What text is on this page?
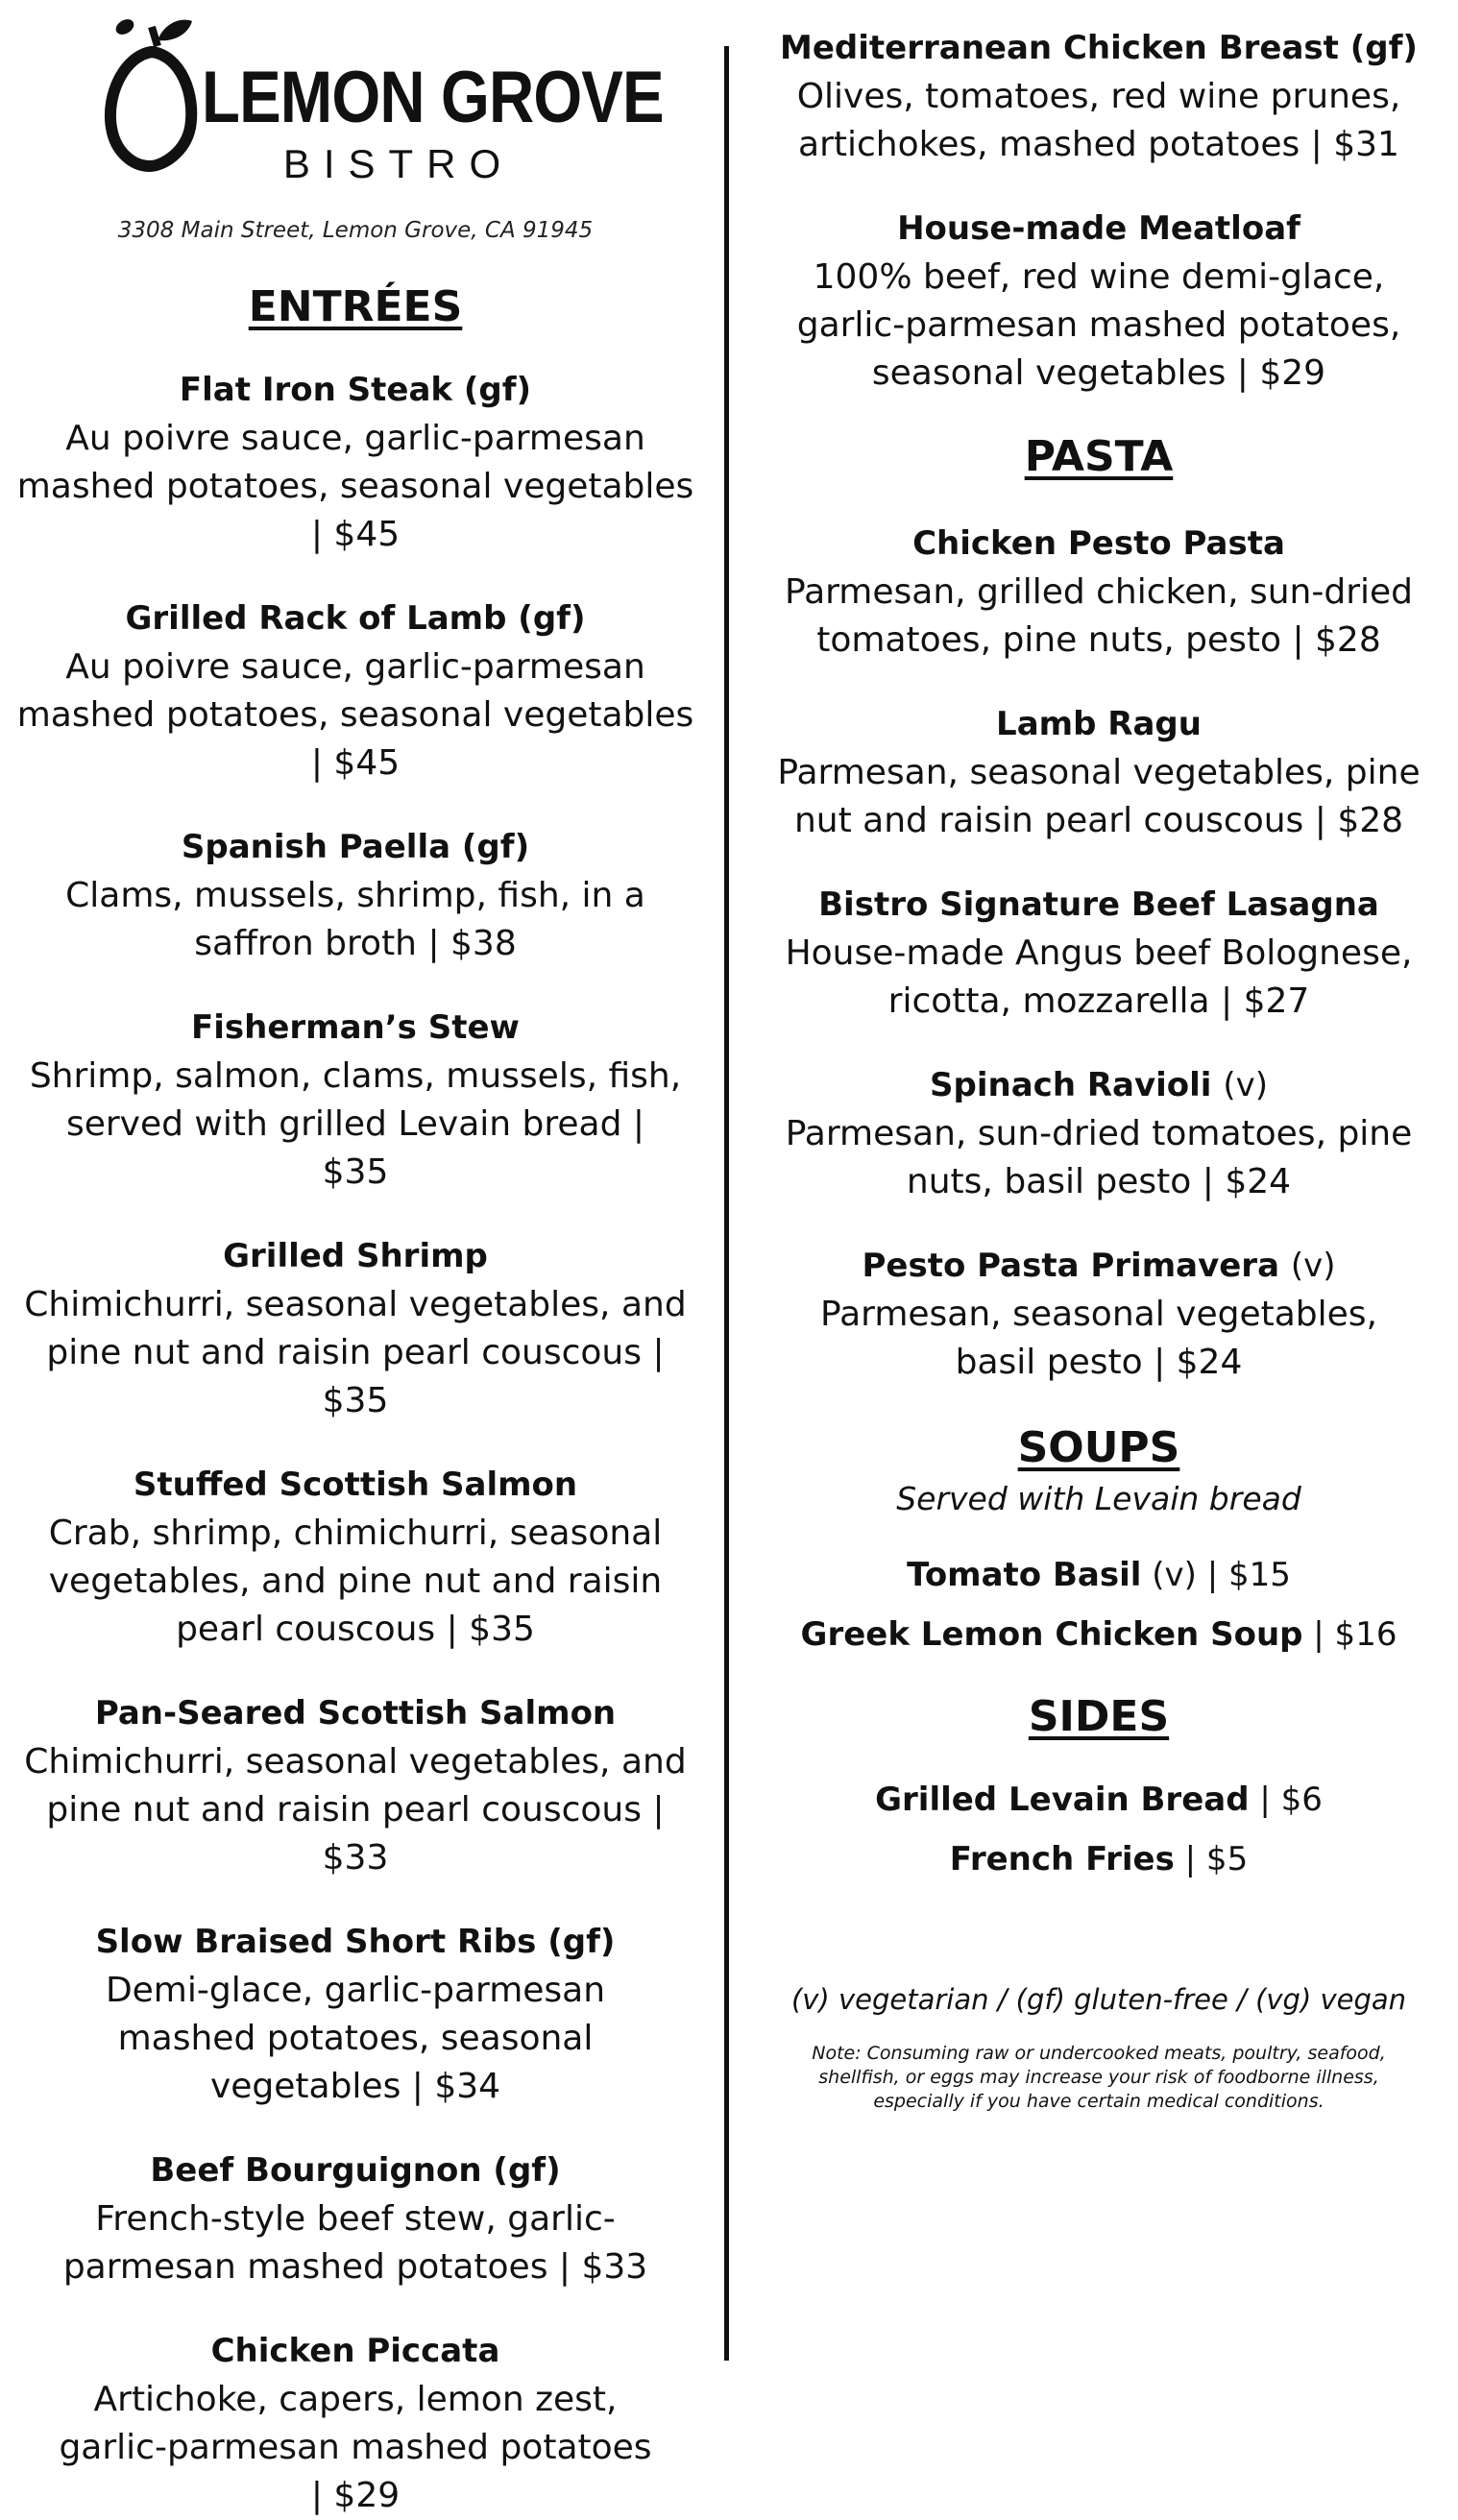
LEMON GROVE
BISTRO
3308 Main Street, Lemon Grove, CA 91945
ENTRÉES
Flat Iron Steak (gf)
Au poivre sauce, garlic-parmesan mashed potatoes, seasonal vegetables | $45
Grilled Rack of Lamb (gf)
Au poivre sauce, garlic-parmesan mashed potatoes, seasonal vegetables | $45
Spanish Paella (gf)
Clams, mussels, shrimp, fish, in a saffron broth | $38
Fisherman’s Stew
Shrimp, salmon, clams, mussels, fish, served with grilled Levain bread | $35
Grilled Shrimp
Chimichurri, seasonal vegetables, and pine nut and raisin pearl couscous | $35
Stuffed Scottish Salmon
Crab, shrimp, chimichurri, seasonal vegetables, and pine nut and raisin pearl couscous | $35
Pan-Seared Scottish Salmon
Chimichurri, seasonal vegetables, and pine nut and raisin pearl couscous | $33
Slow Braised Short Ribs (gf)
Demi-glace, garlic-parmesan mashed potatoes, seasonal vegetables | $34
Beef Bourguignon (gf)
French-style beef stew, garlic-parmesan mashed potatoes | $33
Chicken Piccata
Artichoke, capers, lemon zest, garlic-parmesan mashed potatoes | $29
Mediterranean Chicken Breast (gf)
Olives, tomatoes, red wine prunes, artichokes, mashed potatoes | $31
House-made Meatloaf
100% beef, red wine demi-glace, garlic-parmesan mashed potatoes, seasonal vegetables | $29
PASTA
Chicken Pesto Pasta
Parmesan, grilled chicken, sun-dried tomatoes, pine nuts, pesto | $28
Lamb Ragu
Parmesan, seasonal vegetables, pine nut and raisin pearl couscous | $28
Bistro Signature Beef Lasagna
House-made Angus beef Bolognese, ricotta, mozzarella | $27
Spinach Ravioli (v)
Parmesan, sun-dried tomatoes, pine nuts, basil pesto | $24
Pesto Pasta Primavera (v)
Parmesan, seasonal vegetables, basil pesto | $24
SOUPS
Served with Levain bread
Tomato Basil (v) | $15
Greek Lemon Chicken Soup | $16
SIDES
Grilled Levain Bread | $6
French Fries | $5
(v) vegetarian / (gf) gluten-free / (vg) vegan
Note: Consuming raw or undercooked meats, poultry, seafood, shellfish, or eggs may increase your risk of foodborne illness, especially if you have certain medical conditions.
